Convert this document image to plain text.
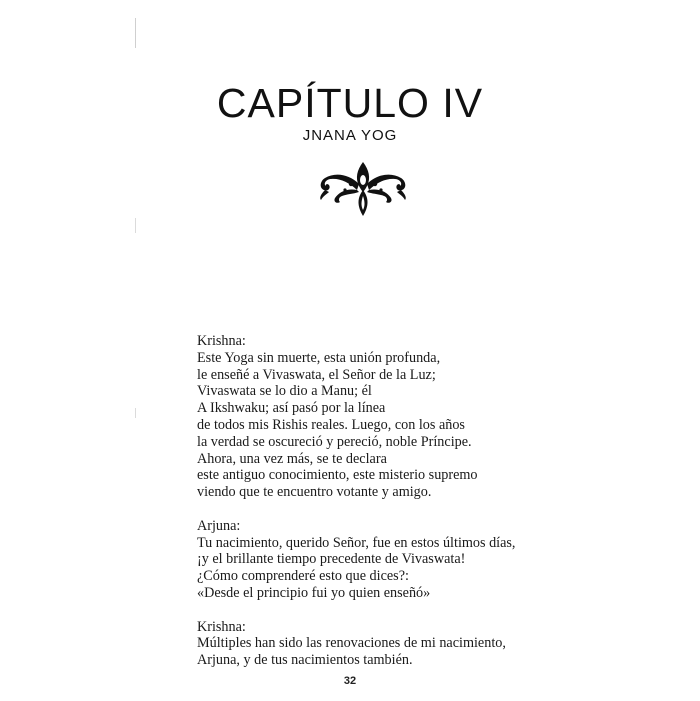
CAPÍTULO IV
JNANA YOG
Krishna:
Este Yoga sin muerte, esta unión profunda,
le enseñé a Vivaswata, el Señor de la Luz;
Vivaswata se lo dio a Manu; él
A Ikshwaku; así pasó por la línea
de todos mis Rishis reales. Luego, con los años
la verdad se oscureció y pereció, noble Príncipe.
Ahora, una vez más, se te declara
este antiguo conocimiento, este misterio supremo
viendo que te encuentro votante y amigo.
Arjuna:
Tu nacimiento, querido Señor, fue en estos últimos días,
¡y el brillante tiempo precedente de Vivaswata!
¿Cómo comprenderé esto que dices?:
«Desde el principio fui yo quien enseñó»
Krishna:
Múltiples han sido las renovaciones de mi nacimiento,
Arjuna, y de tus nacimientos también.
32
